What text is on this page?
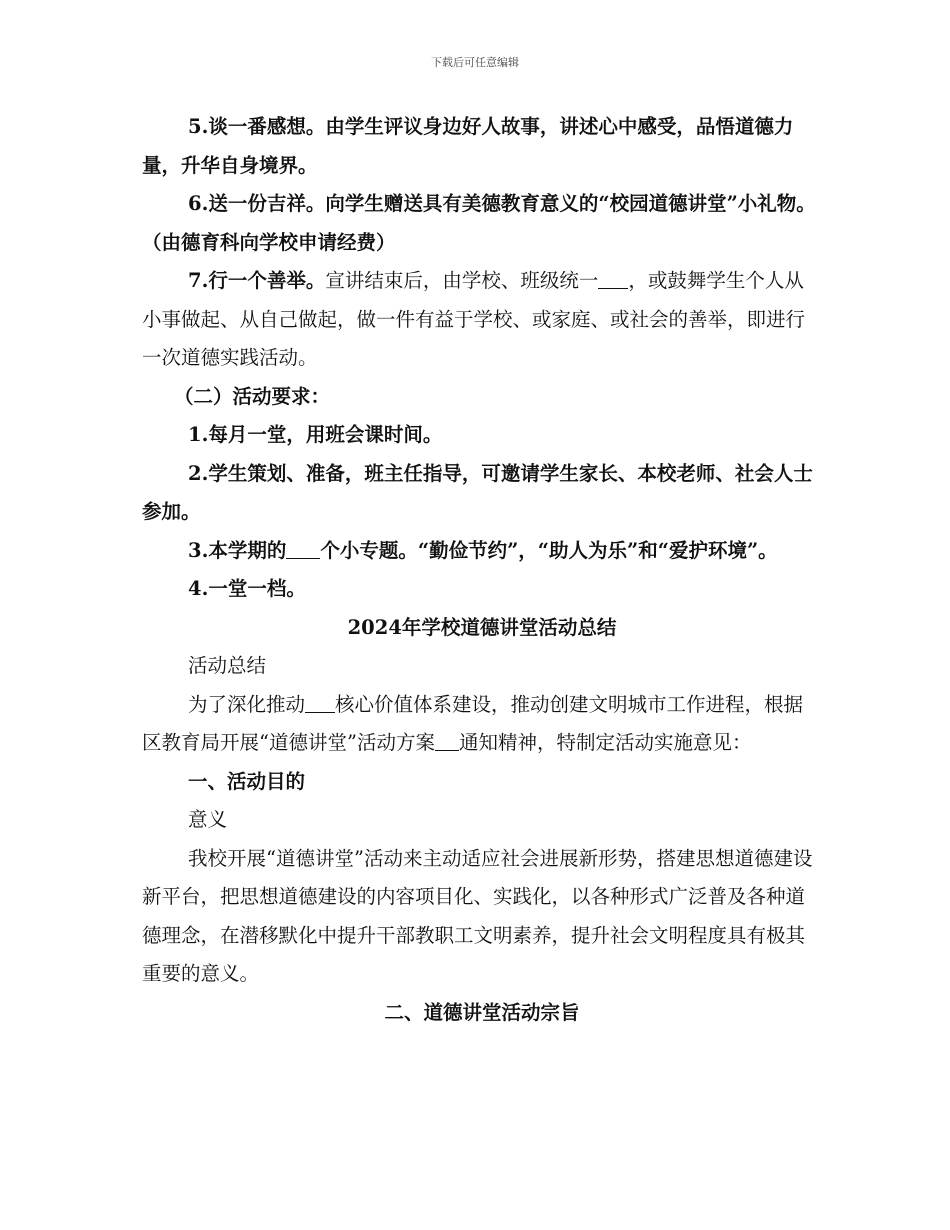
下载后可任意编辑

5.谈一番感想。由学生评议身边好人故事，讲述心中感受，品悟道德力量，升华自身境界。

6.送一份吉祥。向学生赠送具有美德教育意义的“校园道德讲堂”小礼物。（由德育科向学校申请经费）

7.行一个善举。宣讲结束后，由学校、班级统一 ，或鼓舞学生个人从小事做起、从自己做起，做一件有益于学校、或家庭、或社会的善举，即进行一次道德实践活动。

（二）活动要求：

1.每月一堂，用班会课时间。

2.学生策划、准备，班主任指导，可邀请学生家长、本校老师、社会人士参加。

3.本学期的 个小专题。“勤俭节约”，“助人为乐”和“爱护环境”。

4.一堂一档。

2024年学校道德讲堂活动总结

活动总结

为了深化推动 核心价值体系建设，推动创建文明城市工作进程，根据区教育局开展“道德讲堂”活动方案 通知精神，特制定活动实施意见：

一、活动目的

意义

我校开展“道德讲堂”活动来主动适应社会进展新形势，搭建思想道德建设新平台，把思想道德建设的内容项目化、实践化，以各种形式广泛普及各种道德理念，在潜移默化中提升干部教职工文明素养，提升社会文明程度具有极其重要的意义。

二、道德讲堂活动宗旨
